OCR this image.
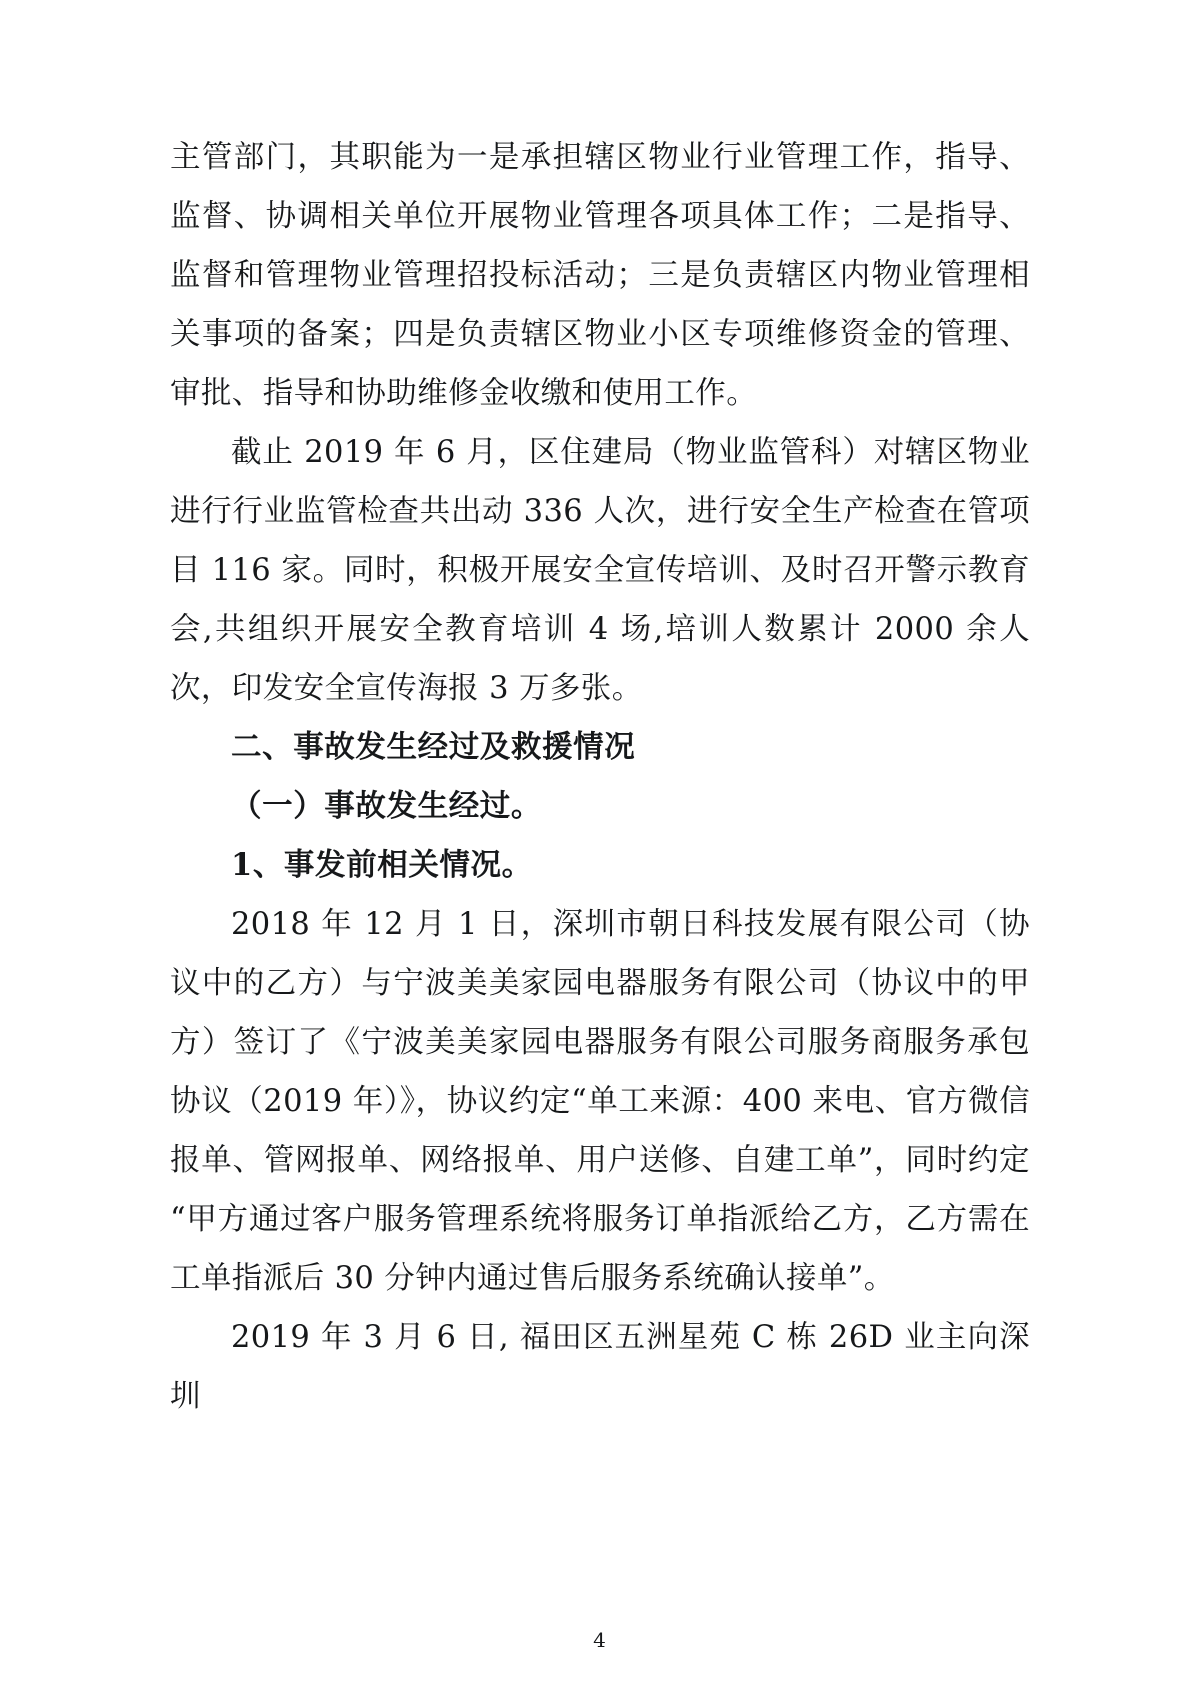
主管部门，其职能为一是承担辖区物业行业管理工作，指导、监督、协调相关单位开展物业管理各项具体工作；二是指导、监督和管理物业管理招投标活动；三是负责辖区内物业管理相关事项的备案；四是负责辖区物业小区专项维修资金的管理、审批、指导和协助维修金收缴和使用工作。

截止 2019 年 6 月，区住建局（物业监管科）对辖区物业进行行业监管检查共出动 336 人次，进行安全生产检查在管项目 116 家。同时，积极开展安全宣传培训、及时召开警示教育会,共组织开展安全教育培训 4 场,培训人数累计 2000 余人次，印发安全宣传海报 3 万多张。

二、事故发生经过及救援情况

（一）事故发生经过。

1、事发前相关情况。

2018 年 12 月 1 日，深圳市朝日科技发展有限公司（协议中的乙方）与宁波美美家园电器服务有限公司（协议中的甲方）签订了《宁波美美家园电器服务有限公司服务商服务承包协议（2019 年）》，协议约定“单工来源：400 来电、官方微信报单、管网报单、网络报单、用户送修、自建工单”，同时约定“甲方通过客户服务管理系统将服务订单指派给乙方，乙方需在工单指派后 30 分钟内通过售后服务系统确认接单”。

2019 年 3 月 6 日, 福田区五洲星苑 C 栋 26D 业主向深圳

4
